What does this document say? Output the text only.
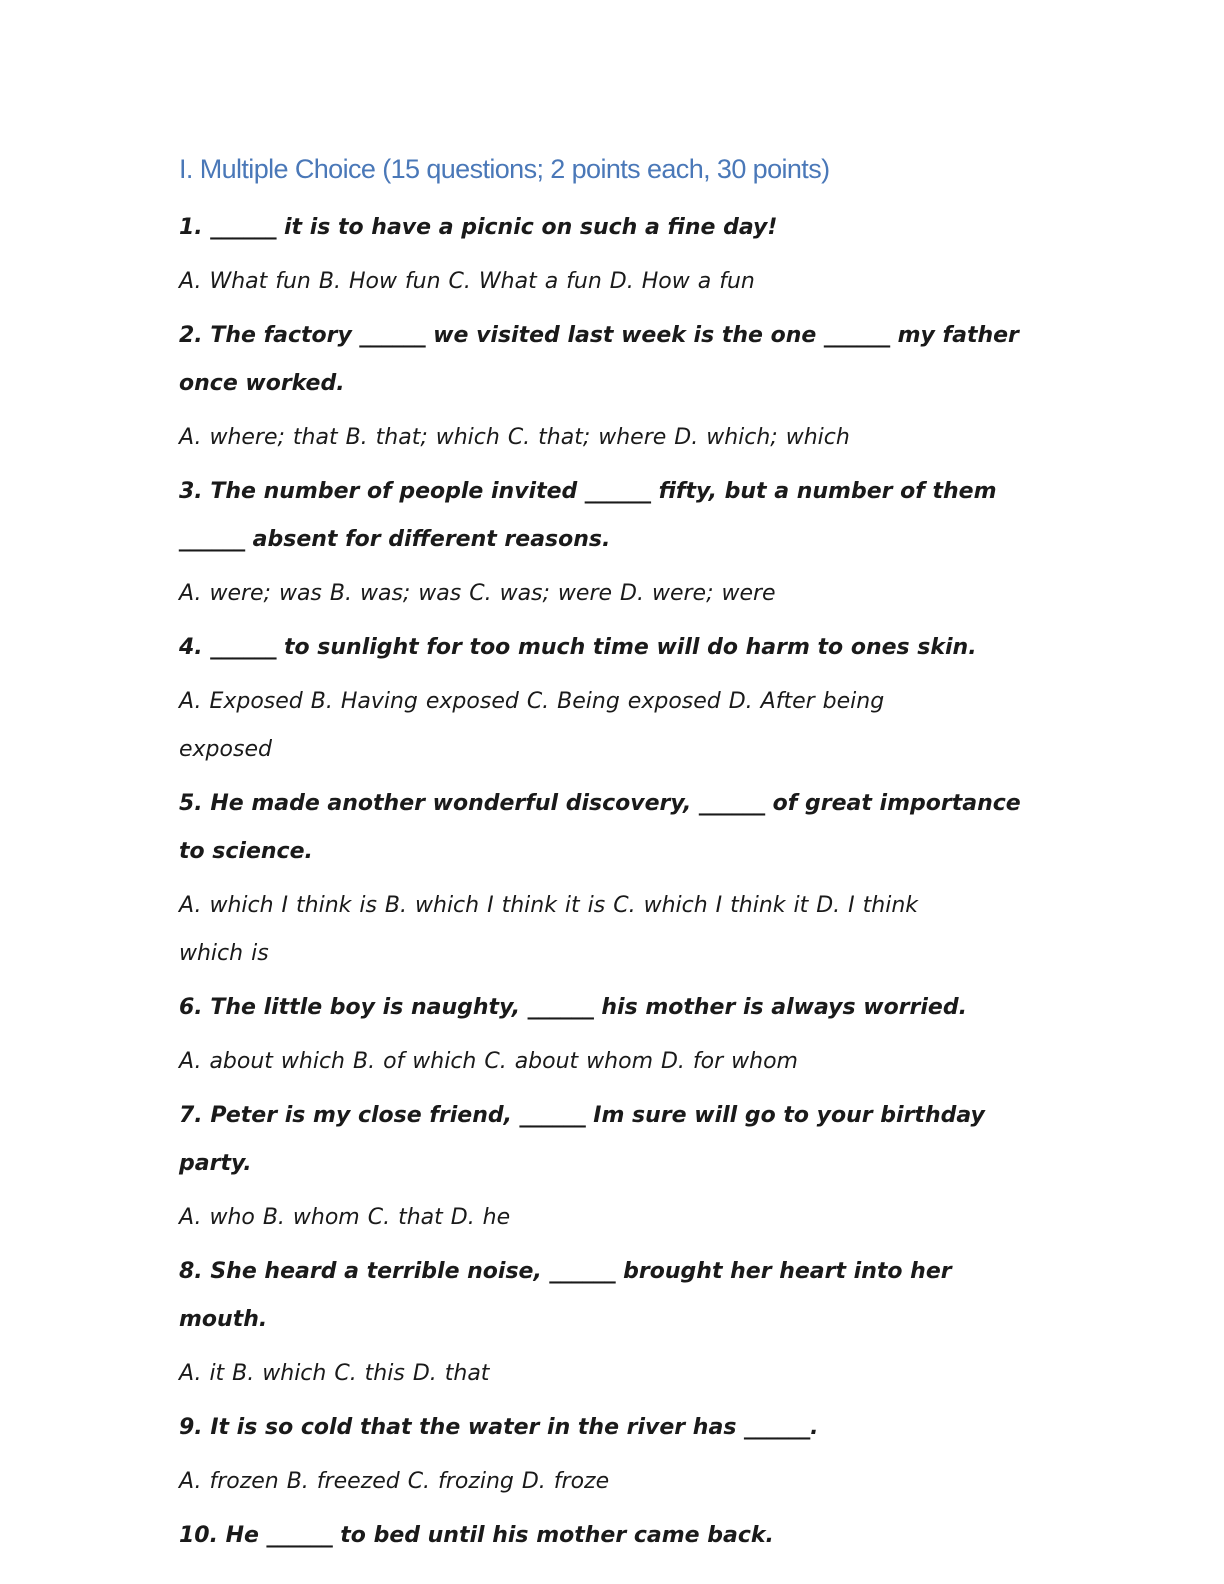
I. Multiple Choice (15 questions; 2 points each, 30 points)

1. ______ it is to have a picnic on such a fine day!

A. What fun B. How fun C. What a fun D. How a fun

2. The factory ______ we visited last week is the one ______ my father once worked.

A. where; that B. that; which C. that; where D. which; which

3. The number of people invited ______ fifty, but a number of them ______ absent for different reasons.

A. were; was B. was; was C. was; were D. were; were

4. ______ to sunlight for too much time will do harm to ones skin.

A. Exposed B. Having exposed C. Being exposed D. After being exposed

5. He made another wonderful discovery, ______ of great importance to science.

A. which I think is B. which I think it is C. which I think it D. I think which is

6. The little boy is naughty, ______ his mother is always worried.

A. about which B. of which C. about whom D. for whom

7. Peter is my close friend, ______ Im sure will go to your birthday party.

A. who B. whom C. that D. he

8. She heard a terrible noise, ______ brought her heart into her mouth.

A. it B. which C. this D. that

9. It is so cold that the water in the river has ______.

A. frozen B. freezed C. frozing D. froze

10. He ______ to bed until his mother came back.
